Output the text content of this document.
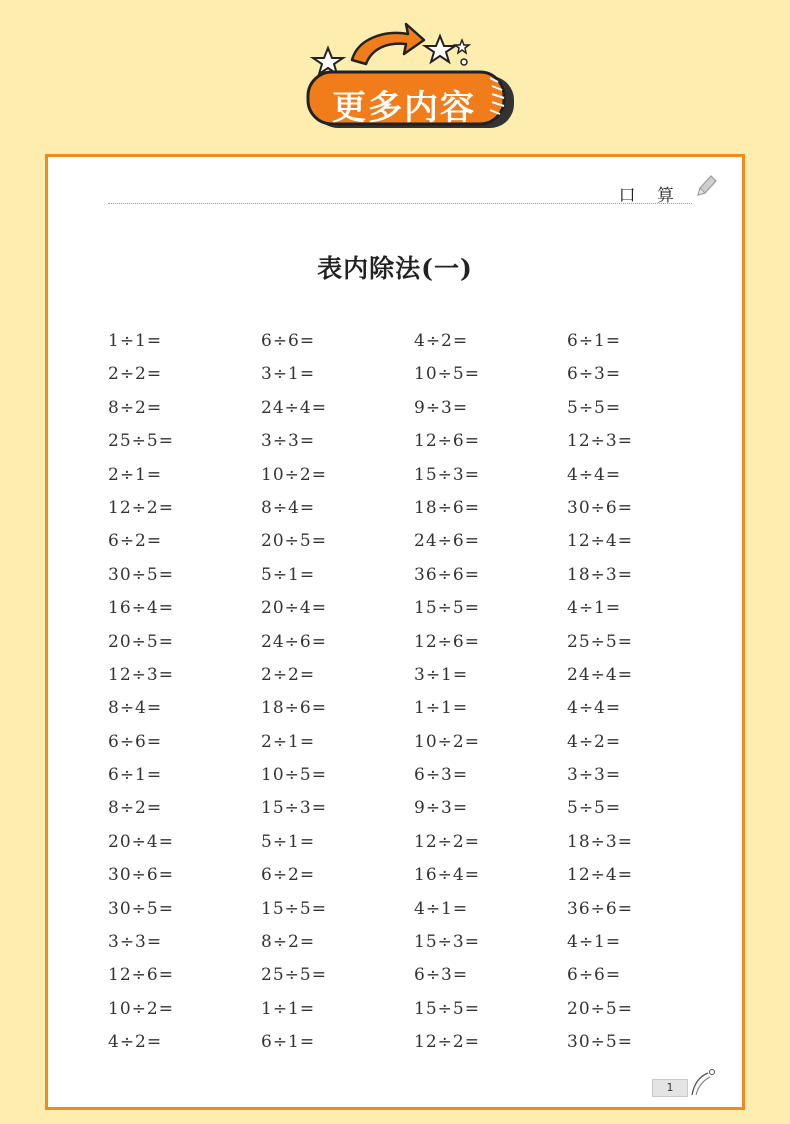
更多内容
口 算
表内除法(一)
1÷1=	6÷6=	4÷2=	6÷1=
2÷2=	3÷1=	10÷5=	6÷3=
8÷2=	24÷4=	9÷3=	5÷5=
25÷5=	3÷3=	12÷6=	12÷3=
2÷1=	10÷2=	15÷3=	4÷4=
12÷2=	8÷4=	18÷6=	30÷6=
6÷2=	20÷5=	24÷6=	12÷4=
30÷5=	5÷1=	36÷6=	18÷3=
16÷4=	20÷4=	15÷5=	4÷1=
20÷5=	24÷6=	12÷6=	25÷5=
12÷3=	2÷2=	3÷1=	24÷4=
8÷4=	18÷6=	1÷1=	4÷4=
6÷6=	2÷1=	10÷2=	4÷2=
6÷1=	10÷5=	6÷3=	3÷3=
8÷2=	15÷3=	9÷3=	5÷5=
20÷4=	5÷1=	12÷2=	18÷3=
30÷6=	6÷2=	16÷4=	12÷4=
30÷5=	15÷5=	4÷1=	36÷6=
3÷3=	8÷2=	15÷3=	4÷1=
12÷6=	25÷5=	6÷3=	6÷6=
10÷2=	1÷1=	15÷5=	20÷5=
4÷2=	6÷1=	12÷2=	30÷5=
1
